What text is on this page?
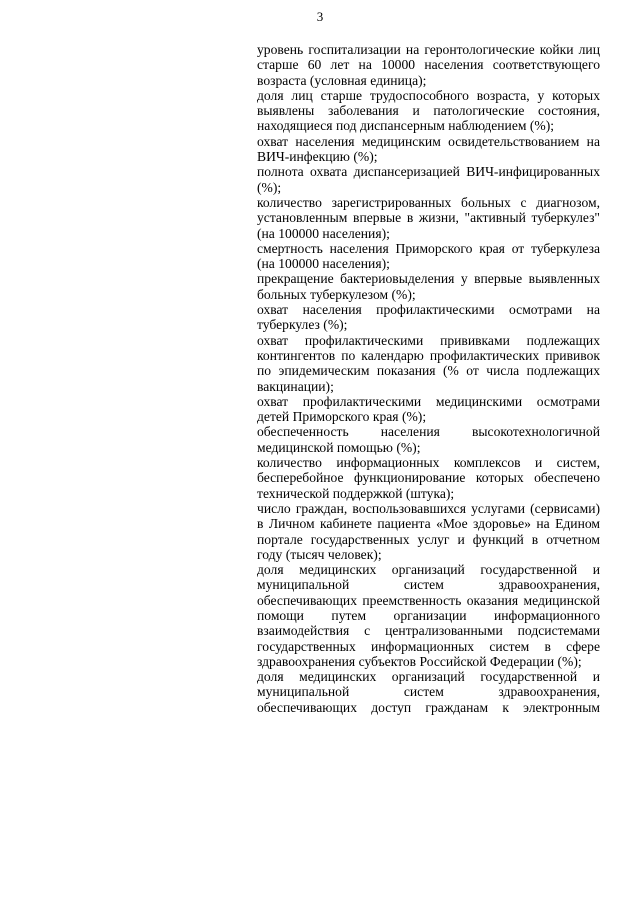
3

уровень госпитализации на геронтологические койки лиц старше 60 лет на 10000 населения соответствующего возраста (условная единица);

доля лиц старше трудоспособного возраста, у которых выявлены заболевания и патологические состояния, находящиеся под диспансерным наблюдением (%);

охват населения медицинским освидетельствованием на ВИЧ-инфекцию (%);

полнота охвата диспансеризацией ВИЧ-инфицированных (%);

количество зарегистрированных больных с диагнозом, установленным впервые в жизни, "активный туберкулез" (на 100000 населения);

смертность населения Приморского края от туберкулеза (на 100000 населения);

прекращение бактериовыделения у впервые выявленных больных туберкулезом (%);

охват населения профилактическими осмотрами на туберкулез (%);

охват профилактическими прививками подлежащих контингентов по календарю профилактических прививок по эпидемическим показания (% от числа подлежащих вакцинации);

охват профилактическими медицинскими осмотрами детей Приморского края (%);

обеспеченность населения высокотехнологичной медицинской помощью (%);

количество информационных комплексов и систем, бесперебойное функционирование которых обеспечено технической поддержкой (штука);

число граждан, воспользовавшихся услугами (сервисами) в Личном кабинете пациента «Мое здоровье» на Едином портале государственных услуг и функций в отчетном году (тысяч человек);

доля медицинских организаций государственной и муниципальной систем здравоохранения, обеспечивающих преемственность оказания медицинской помощи путем организации информационного взаимодействия с централизованными подсистемами государственных информационных систем в сфере здравоохранения субъектов Российской Федерации (%);

доля медицинских организаций государственной и муниципальной систем здравоохранения, обеспечивающих доступ гражданам к электронным
